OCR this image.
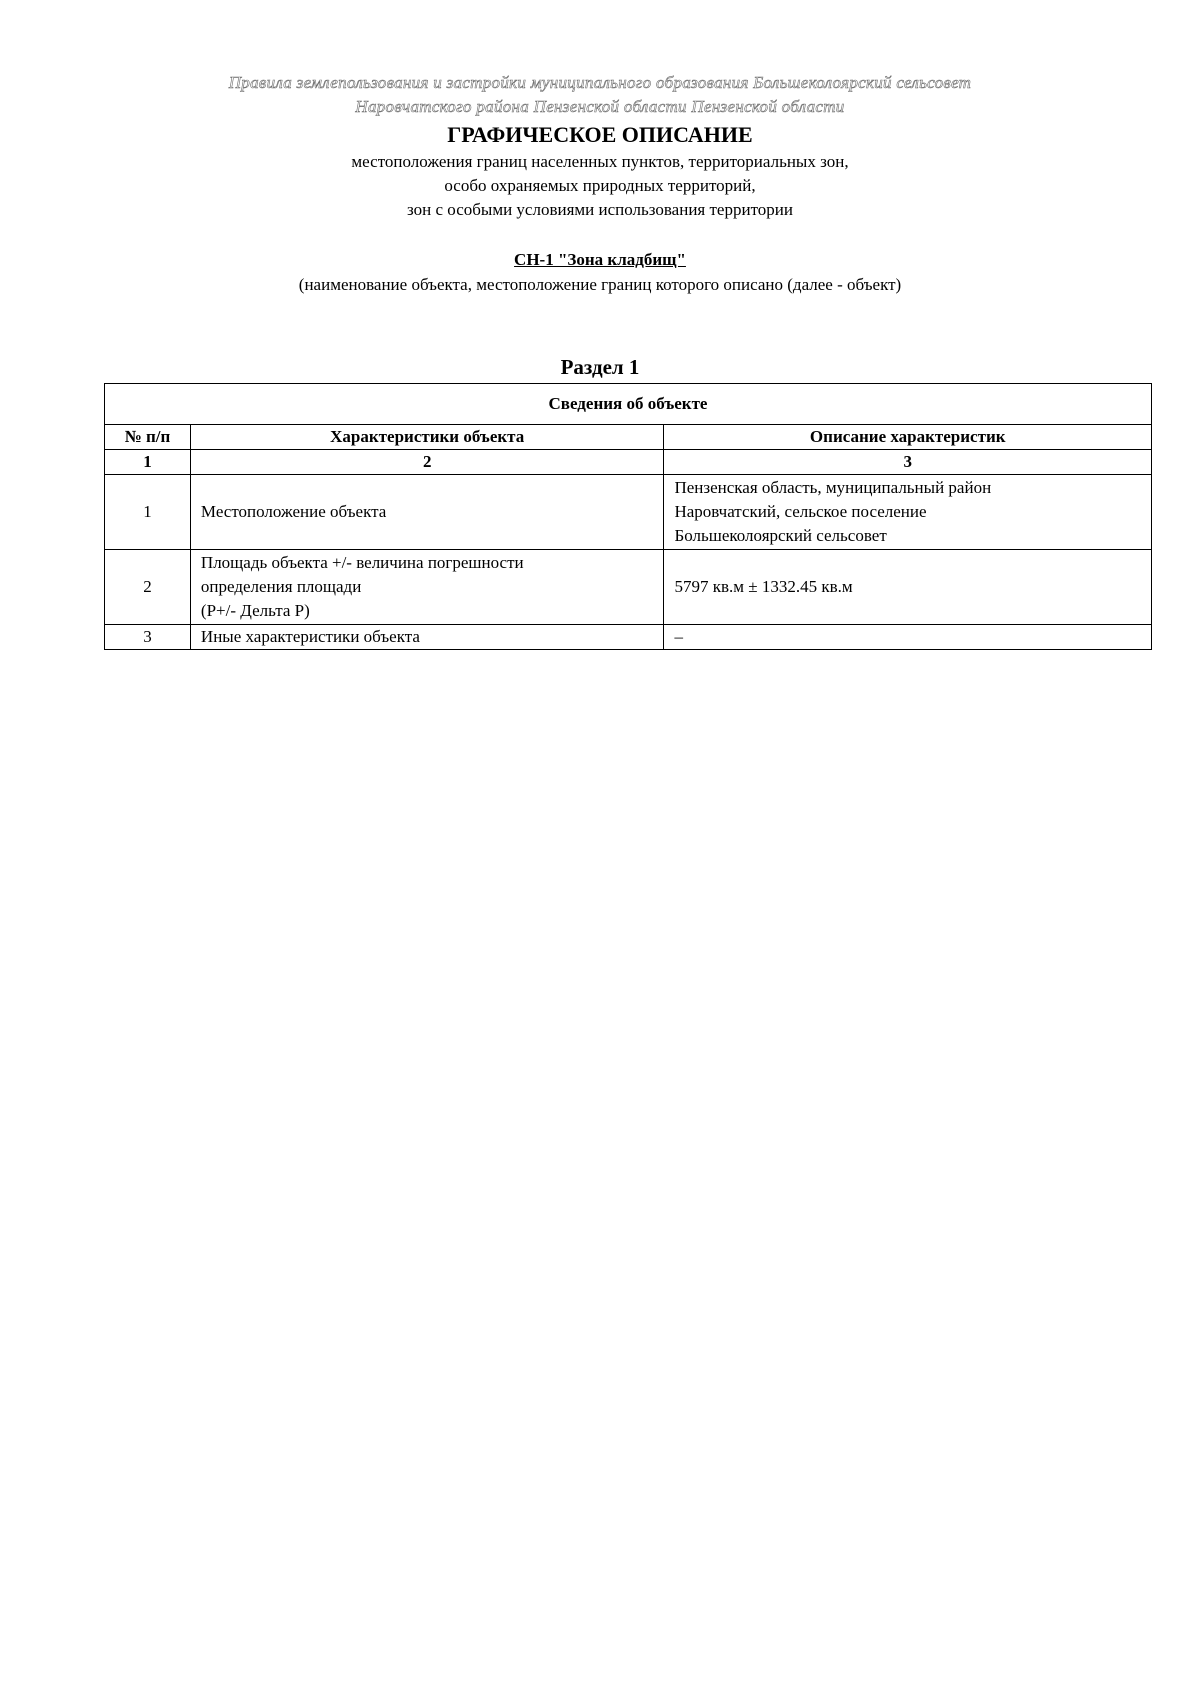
Правила землепользования и застройки муниципального образования Большеколоярский сельсовет
Наровчатского района Пензенской области Пензенской области
ГРАФИЧЕСКОЕ ОПИСАНИЕ
местоположения границ населенных пунктов, территориальных зон,
особо охраняемых природных территорий,
зон с особыми условиями использования территории
СН-1 "Зона кладбищ"
(наименование объекта, местоположение границ которого описано (далее - объект)
Раздел 1
Сведения об объекте		
№ п/п	Характеристики объекта	Описание характеристик
1	2	3
1	Местоположение объекта	Пензенская область, муниципальный район
Наровчатский, сельское поселение
Большеколоярский сельсовет

2	Площадь объекта +/- величина погрешности
определения площади
(Р+/- Дельта Р)	5797 кв.м ± 1332.45 кв.м

3	Иные характеристики объекта	–
